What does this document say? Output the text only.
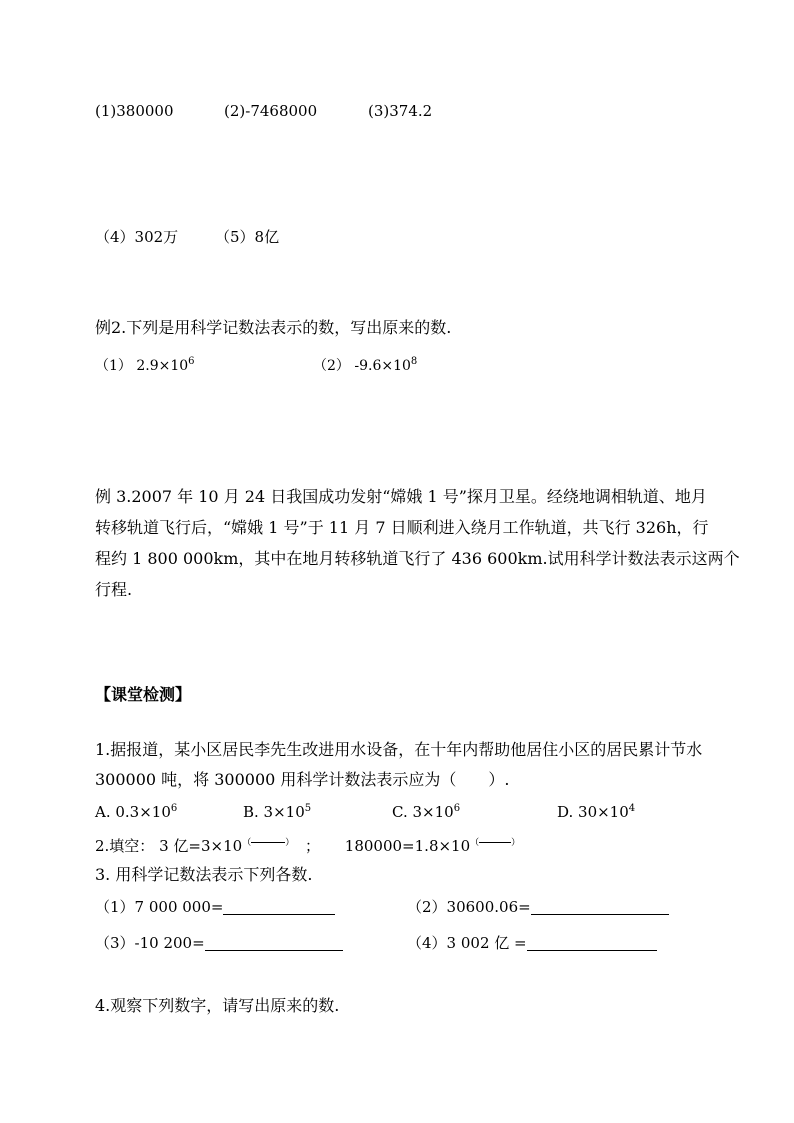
(1)380000	(2)-7468000	(3)374.2
（4）302万 （5）8亿
例2.下列是用科学记数法表示的数，写出原来的数.
（1） $2.9\times 10^6$	（2） $-9.6\times 10^8$
例 3.2007 年 10 月 24 日我国成功发射“嫦娥 1 号”探月卫星。经绕地调相轨道、地月
转移轨道飞行后，“嫦娥 1 号”于 11 月 7 日顺利进入绕月工作轨道，共飞行 326h，行
程约 1 800 000km，其中在地月转移轨道飞行了 436 600km.试用科学计数法表示这两个
行程.
【课堂检测】
1.据报道，某小区居民李先生改进用水设备，在十年内帮助他居住小区的居民累计节水
300000 吨，将 300000 用科学计数法表示应为（　　）.
A. $0.3\times 10^6$	B. $3\times 10^5$	C. $3\times 10^6$	D. $30\times 10^4$
2.填空： 3 亿=3×10（	） ； 180000=1.8×10（	）
3. 用科学记数法表示下列各数.
（1）7 000 000=	（2）30600.06=
（3）-10 200=	（4）3 002 亿 =
4.观察下列数字，请写出原来的数.
